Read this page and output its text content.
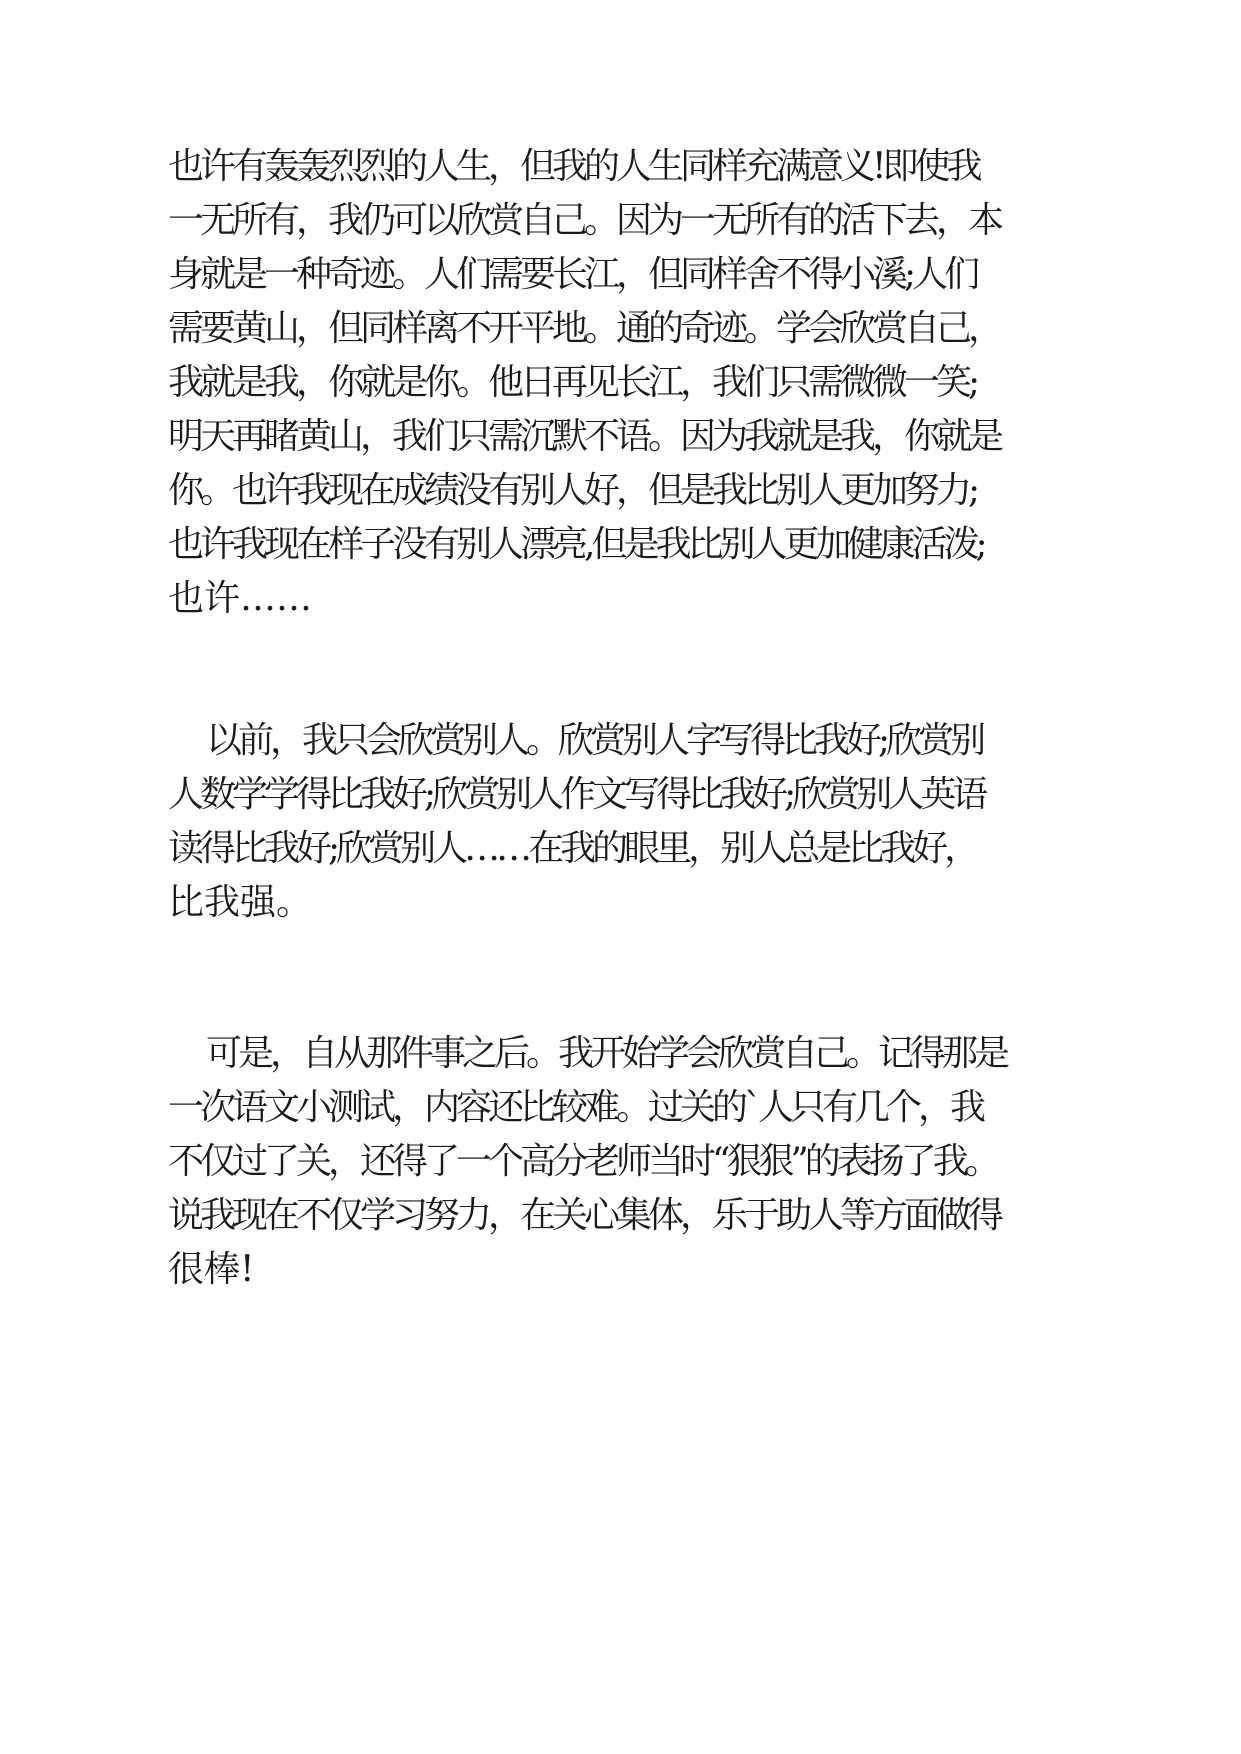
也许有轰轰烈烈的人生，但我的人生同样充满意义!即使我
一无所有，我仍可以欣赏自己。因为一无所有的活下去，本
身就是一种奇迹。人们需要长江，但同样舍不得小溪;人们
需要黄山，但同样离不开平地。通的奇迹。学会欣赏自己，
我就是我，你就是你。他日再见长江，我们只需微微一笑;
明天再睹黄山，我们只需沉默不语。因为我就是我，你就是
你。也许我现在成绩没有别人好，但是我比别人更加努力;
也许我现在样子没有别人漂亮,但是我比别人更加健康活泼;
也许……
以前，我只会欣赏别人。欣赏别人字写得比我好;欣赏别
人数学学得比我好;欣赏别人作文写得比我好;欣赏别人英语
读得比我好;欣赏别人……在我的眼里，别人总是比我好，
比我强。
可是，自从那件事之后。我开始学会欣赏自己。记得那是
一次语文小测试，内容还比较难。过关的`人只有几个，我
不仅过了关，还得了一个高分老师当时“狠狠”的表扬了我。
说我现在不仅学习努力，在关心集体，乐于助人等方面做得
很棒!
